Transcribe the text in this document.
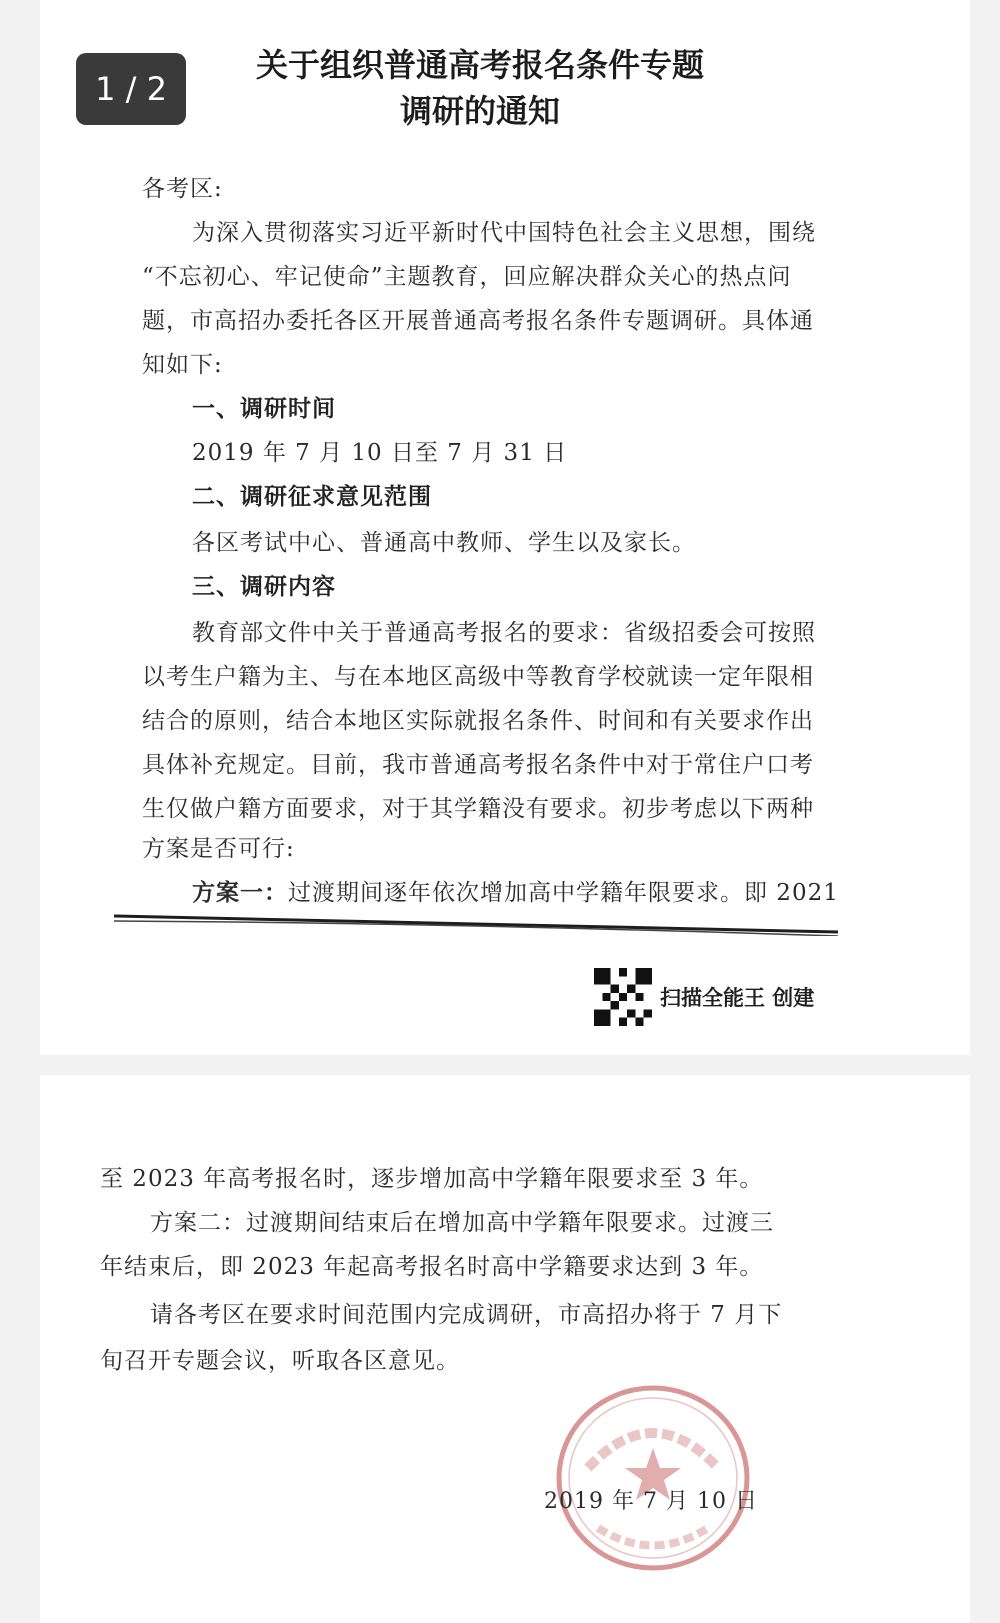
1 / 2
关于组织普通高考报名条件专题
调研的通知
各考区:
为深入贯彻落实习近平新时代中国特色社会主义思想，围绕
“不忘初心、牢记使命”主题教育，回应解决群众关心的热点问
题，市高招办委托各区开展普通高考报名条件专题调研。具体通
知如下:
一、调研时间
2019 年 7 月 10 日至 7 月 31 日
二、调研征求意见范围
各区考试中心、普通高中教师、学生以及家长。
三、调研内容
教育部文件中关于普通高考报名的要求：省级招委会可按照
以考生户籍为主、与在本地区高级中等教育学校就读一定年限相
结合的原则，结合本地区实际就报名条件、时间和有关要求作出
具体补充规定。目前，我市普通高考报名条件中对于常住户口考
生仅做户籍方面要求，对于其学籍没有要求。初步考虑以下两种
方案是否可行:
方案一：过渡期间逐年依次增加高中学籍年限要求。即 2021
扫描全能王 创建
至 2023 年高考报名时，逐步增加高中学籍年限要求至 3 年。
方案二：过渡期间结束后在增加高中学籍年限要求。过渡三
年结束后，即 2023 年起高考报名时高中学籍要求达到 3 年。
请各考区在要求时间范围内完成调研，市高招办将于 7 月下
旬召开专题会议，听取各区意见。
2019 年 7 月 10 日
